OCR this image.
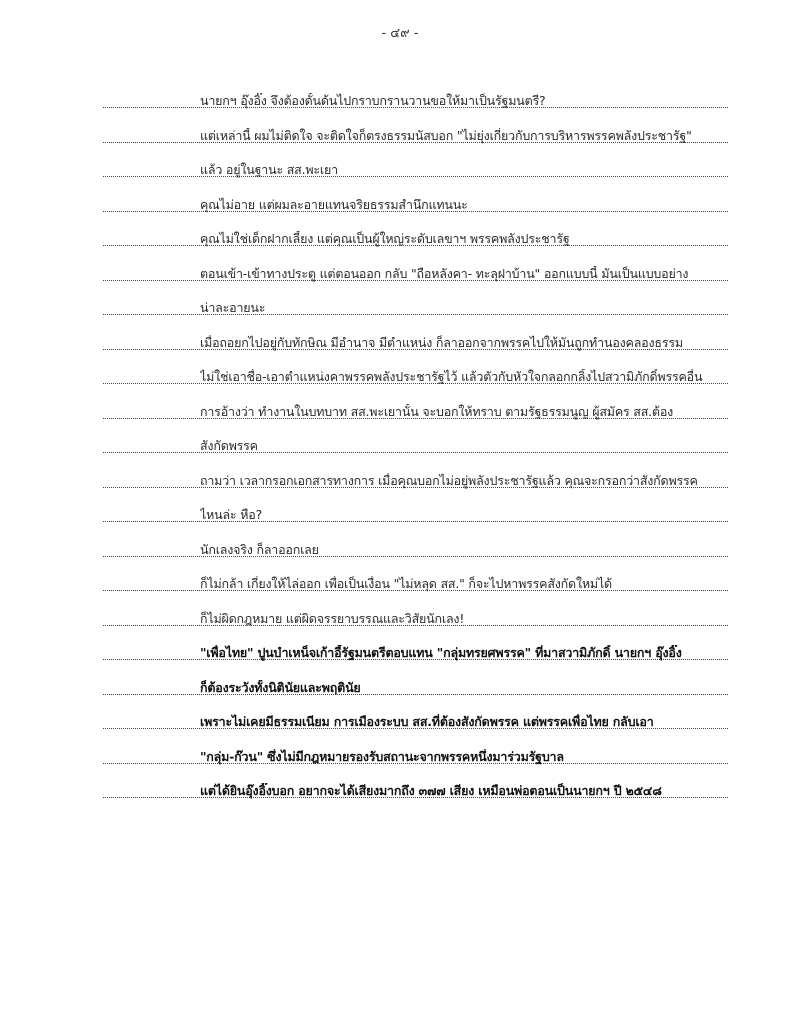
- ๔๙ -
นายกฯ อุ๊งอิ๊ง จึงต้องดั้นด้นไปกราบกรานวานขอให้มาเป็นรัฐมนตรี?
แต่เหล่านี้ ผมไม่ติดใจ จะติดใจก็ตรงธรรมนัสบอก "ไม่ยุ่งเกี่ยวกับการบริหารพรรคพลังประชารัฐ"
แล้ว อยู่ในฐานะ สส.พะเยา
คุณไม่อาย แต่ผมละอายแทนจริยธรรมสำนึกแทนนะ
คุณไม่ใช่เด็กฝากเลี้ยง แต่คุณเป็นผู้ใหญ่ระดับเลขาฯ พรรคพลังประชารัฐ
ตอนเข้า-เข้าทางประตู แต่ตอนออก กลับ "ถือหลังคา- ทะลุฝาบ้าน" ออกแบบนี้ มันเป็นแบบอย่าง
น่าละอายนะ
เมื่อถอยกไปอยู่กับทักษิณ มีอำนาจ มีตำแหน่ง ก็ลาออกจากพรรคไปให้มันถูกทำนองคลองธรรม
ไม่ใช่เอาชื่อ-เอาตำแหน่งคาพรรคพลังประชารัฐไว้ แล้วตัวกับหัวใจกลอกกลิ้งไปสวามิภักดิ์พรรคอื่น
การอ้างว่า ทำงานในบทบาท สส.พะเยานั้น จะบอกให้ทราบ ตามรัฐธรรมนูญ ผู้สมัคร สส.ต้อง
สังกัดพรรค
ถามว่า เวลากรอกเอกสารทางการ เมื่อคุณบอกไม่อยู่พลังประชารัฐแล้ว คุณจะกรอกว่าสังกัดพรรค
ไหนล่ะ หือ?
นักเลงจริง ก็ลาออกเลย
ก็ไม่กล้า เกี่ยงให้ไล่ออก เพื่อเป็นเงื่อน "ไม่หลุด สส." ก็จะไปหาพรรคสังกัดใหม่ได้
ก็ไม่ผิดกฎหมาย แต่ผิดจรรยาบรรณและวิสัยนักเลง!
"เพื่อไทย" ปูนบำเหน็จเก้าอี้รัฐมนตรีตอบแทน "กลุ่มทรยศพรรค" ที่มาสวามิภักดิ์ นายกฯ อุ๊งอิ๊ง
ก็ต้องระวังทั้งนิตินัยและพฤตินัย
เพราะไม่เคยมีธรรมเนียม การเมืองระบบ สส.ที่ต้องสังกัดพรรค แต่พรรคเพื่อไทย กลับเอา
"กลุ่ม-ก๊วน" ซึ่งไม่มีกฎหมายรองรับสถานะจากพรรคหนึ่งมาร่วมรัฐบาล
แต่ได้ยินอุ๊งอิ๊งบอก อยากจะได้เสียงมากถึง ๓๗๗ เสียง เหมือนพ่อตอนเป็นนายกฯ ปี ๒๕๔๘
